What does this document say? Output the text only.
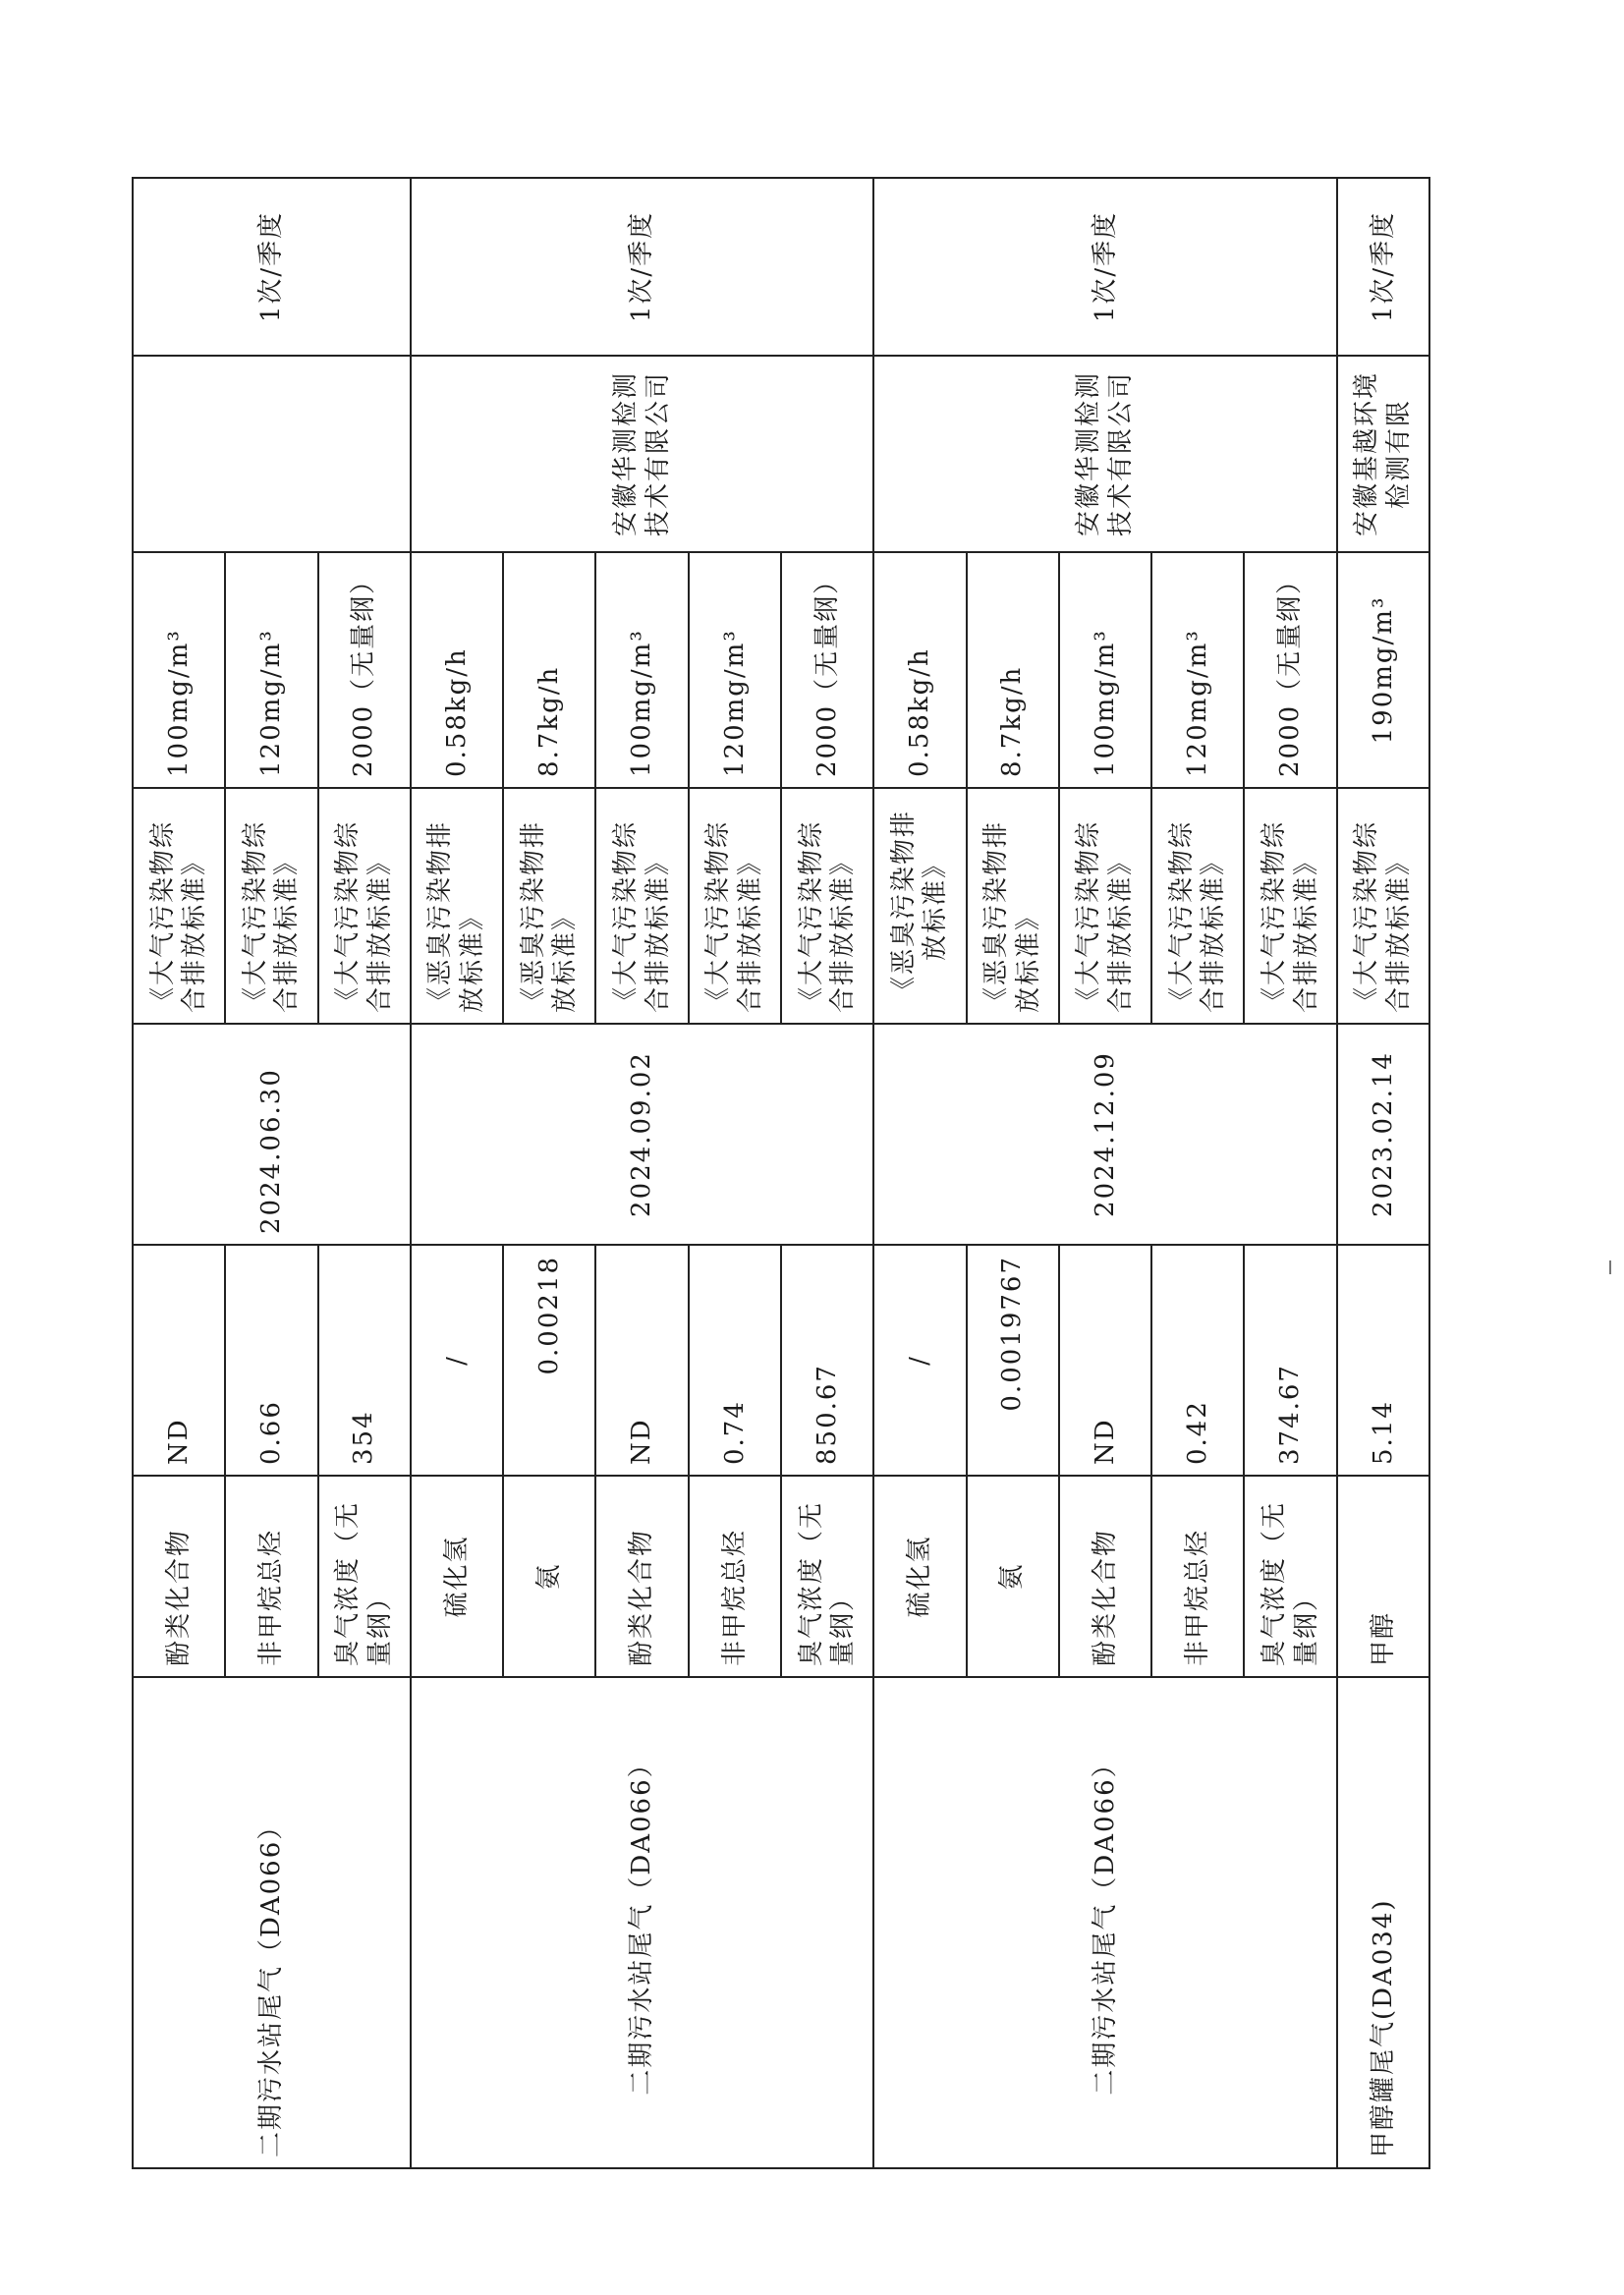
二期污水站尾气（DA066）	酚类化合物	ND	2024.06.30	《大气污染物综合排放标准》	100mg/m³		1次/季度
	非甲烷总烃	0.66		《大气污染物综合排放标准》	120mg/m³		
	臭气浓度（无量纲）	354		《大气污染物综合排放标准》	2000（无量纲）		
二期污水站尾气（DA066）	硫化氢	/	2024.09.02	《恶臭污染物排放标准》	0.58kg/h	安徽华测检测技术有限公司	1次/季度
	氨	0.00218		《恶臭污染物排放标准》	8.7kg/h		
	酚类化合物	ND		《大气污染物综合排放标准》	100mg/m³		
	非甲烷总烃	0.74		《大气污染物综合排放标准》	120mg/m³		
	臭气浓度（无量纲）	850.67		《大气污染物综合排放标准》	2000（无量纲）		
二期污水站尾气（DA066）	硫化氢	/	2024.12.09	《恶臭污染物排放标准》	0.58kg/h	安徽华测检测技术有限公司	1次/季度
	氨	0.0019767		《恶臭污染物排放标准》	8.7kg/h		
	酚类化合物	ND		《大气污染物综合排放标准》	100mg/m³		
	非甲烷总烃	0.42		《大气污染物综合排放标准》	120mg/m³		
	臭气浓度（无量纲）	374.67		《大气污染物综合排放标准》	2000（无量纲）		
甲醇罐尾气(DA034)	甲醇	5.14	2023.02.14	《大气污染物综合排放标准》	190mg/m³	安徽基越环境检测有限	1次/季度
